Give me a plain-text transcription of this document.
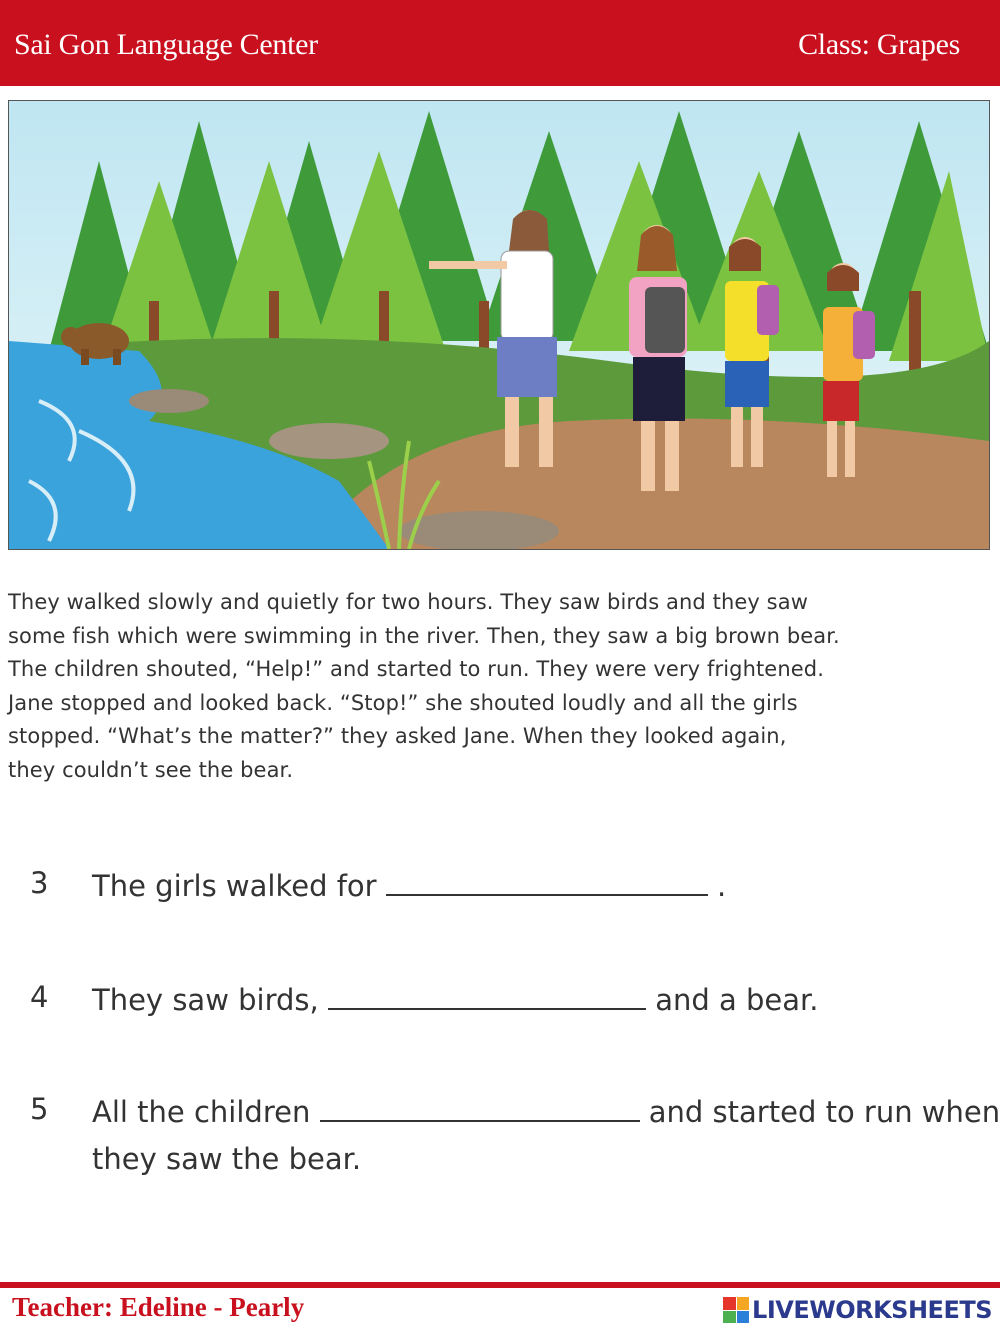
Sai Gon Language Center	Class: Grapes
They walked slowly and quietly for two hours. They saw birds and they saw
some fish which were swimming in the river. Then, they saw a big brown bear.
The children shouted, “Help!” and started to run. They were very frightened.
Jane stopped and looked back. “Stop!” she shouted loudly and all the girls
stopped. “What’s the matter?” they asked Jane. When they looked again,
they couldn’t see the bear.
3 The girls walked for	.
4 They saw birds,	and a bear.
5 All the children	and started to run when
they saw the bear.
Teacher: Edeline - Pearly	LIVEWORKSHEETS
